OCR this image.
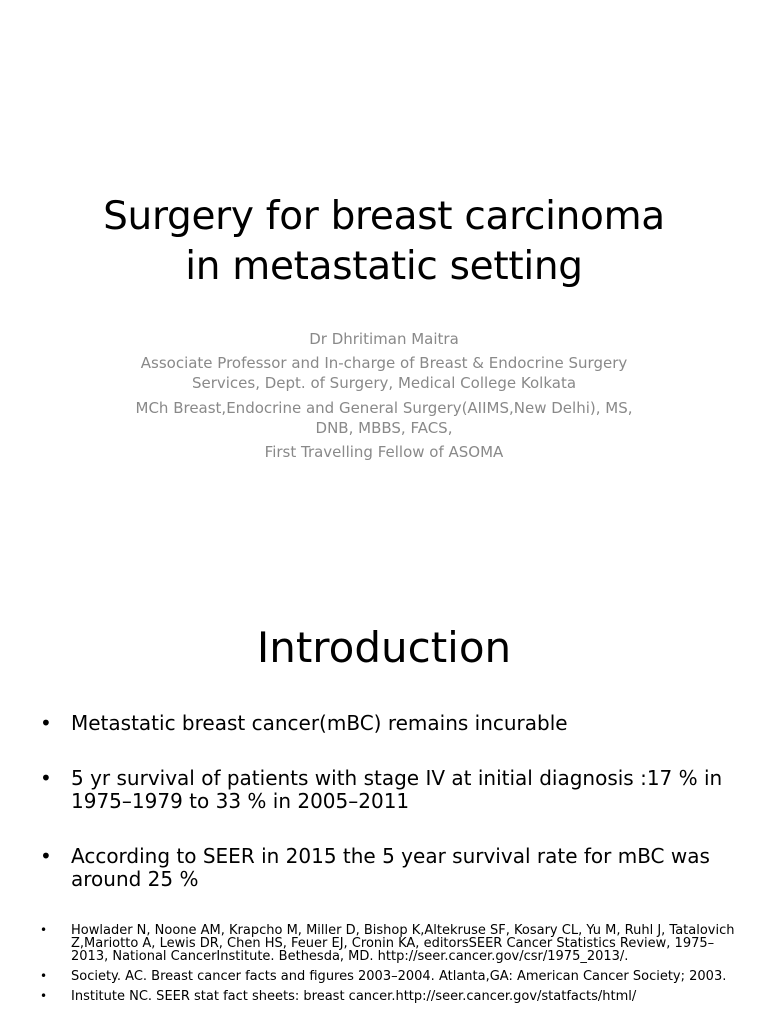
Surgery for breast carcinoma
in metastatic setting
Dr Dhritiman Maitra
Associate Professor and In-charge of Breast & Endocrine Surgery
Services, Dept. of Surgery, Medical College Kolkata
MCh Breast,Endocrine and General Surgery(AIIMS,New Delhi), MS,
DNB, MBBS, FACS,
First Travelling Fellow of ASOMA
Introduction
• Metastatic breast cancer(mBC) remains incurable
• 5 yr survival of patients with stage IV at initial diagnosis :17 % in 1975–1979 to 33 % in 2005–2011
• According to SEER in 2015 the 5 year survival rate for mBC was around 25 %
• Howlader N, Noone AM, Krapcho M, Miller D, Bishop K,Altekruse SF, Kosary CL, Yu M, Ruhl J, Tatalovich Z,Mariotto A, Lewis DR, Chen HS, Feuer EJ, Cronin KA, editorsSEER Cancer Statistics Review, 1975–2013, National CancerInstitute. Bethesda, MD. http://seer.cancer.gov/csr/1975_2013/.
• Society. AC. Breast cancer facts and figures 2003–2004. Atlanta,GA: American Cancer Society; 2003.
• Institute NC. SEER stat fact sheets: breast cancer.http://seer.cancer.gov/statfacts/html/
